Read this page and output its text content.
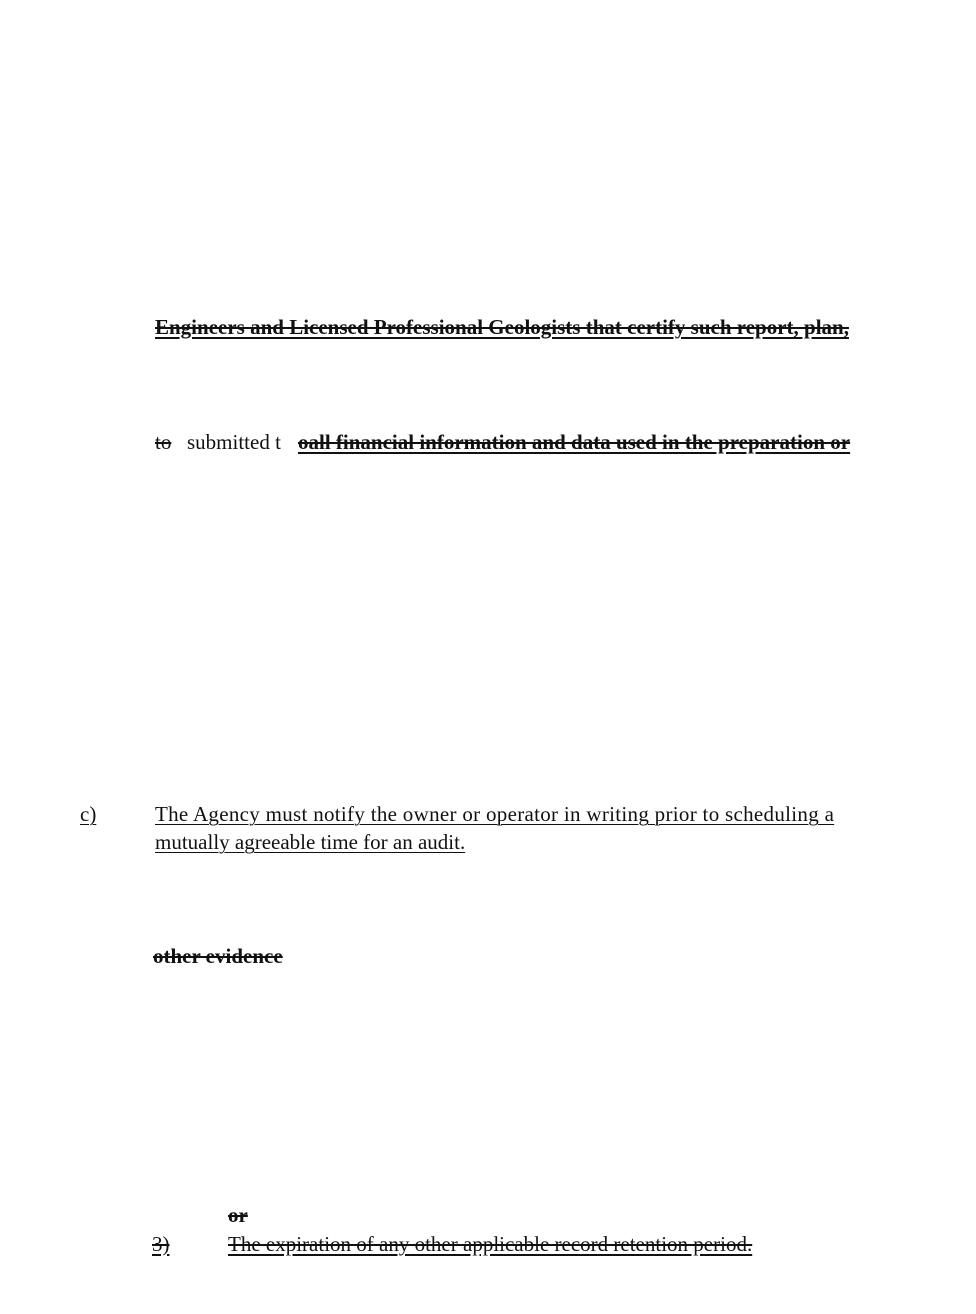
Engineers and Licensed Professional Geologists that certify such report, plan,
to submitted t oall financial information and data used in the preparation or
c)	The Agency must notify the owner or operator in writing prior to scheduling a
mutually agreeable time for an audit.
other evidence
or
3)	The expiration of any other applicable record retention period.
